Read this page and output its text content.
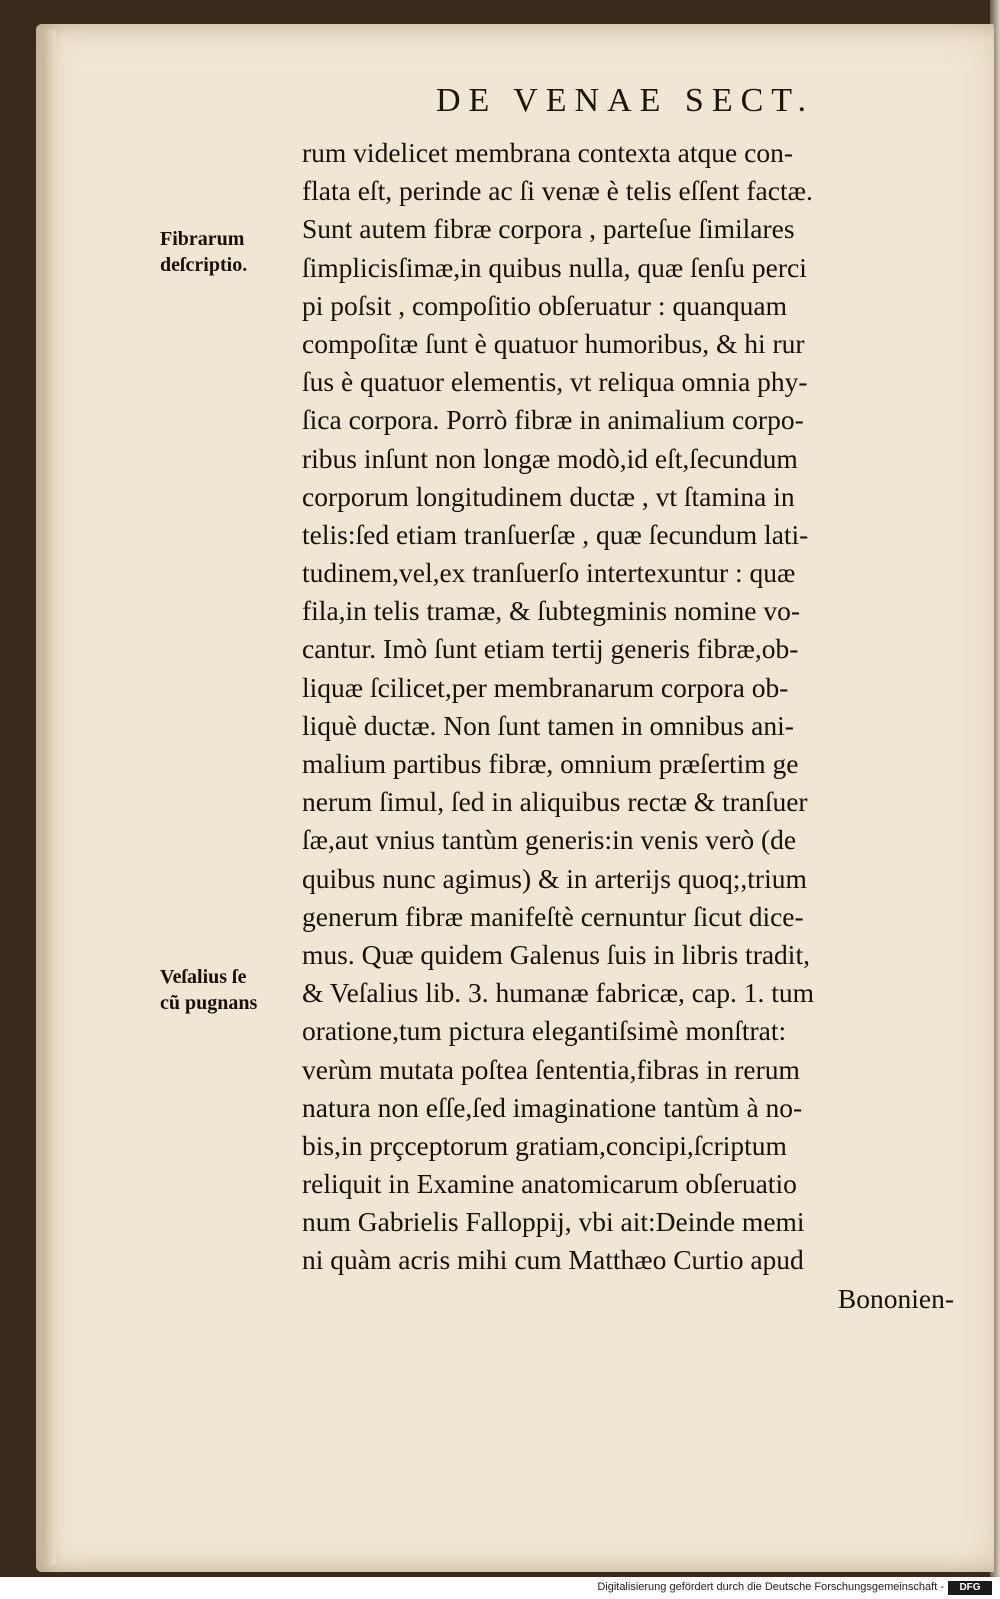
DE VENAE SECT.
Fibrarum
deſcriptio.
Veſalius ſe
cũ pugnans
rum videlicet membrana contexta atque con-
flata eſt, perinde ac ſi venæ è telis eſſent factæ.
Sunt autem fibræ corpora , parteſue ſimilares
ſimplicisſimæ,in quibus nulla, quæ ſenſu perci
pi poſsit , compoſitio obſeruatur : quanquam
compoſitæ ſunt è quatuor humoribus, & hi rur
ſus è quatuor elementis, vt reliqua omnia phy-
ſica corpora. Porrò fibræ in animalium corpo-
ribus inſunt non longæ modò,id eſt,ſecundum
corporum longitudinem ductæ , vt ſtamina in
telis:ſed etiam tranſuerſæ , quæ ſecundum lati-
tudinem,vel,ex tranſuerſo intertexuntur : quæ
fila,in telis tramæ, & ſubtegminis nomine vo-
cantur. Imò ſunt etiam tertij generis fibræ,ob-
liquæ ſcilicet,per membranarum corpora ob-
liquè ductæ. Non ſunt tamen in omnibus ani-
malium partibus fibræ, omnium præſertim ge
nerum ſimul, ſed in aliquibus rectæ & tranſuer
ſæ,aut vnius tantùm generis:in venis verò (de
quibus nunc agimus) & in arterijs quoq;,trium
generum fibræ manifeſtè cernuntur ſicut dice-
mus. Quæ quidem Galenus ſuis in libris tradit,
& Veſalius lib. 3. humanæ fabricæ, cap. 1. tum
oratione,tum pictura elegantiſsimè monſtrat:
verùm mutata poſtea ſententia,fibras in rerum
natura non eſſe,ſed imaginatione tantùm à no-
bis,in prçceptorum gratiam,concipi,ſcriptum
reliquit in Examine anatomicarum obſeruatio
num Gabrielis Falloppij, vbi ait:Deinde memi
ni quàm acris mihi cum Matthæo Curtio apud
Bononien-
Digitalisierung gefördert durch die Deutsche Forschungsgemeinschaft -	DFG
